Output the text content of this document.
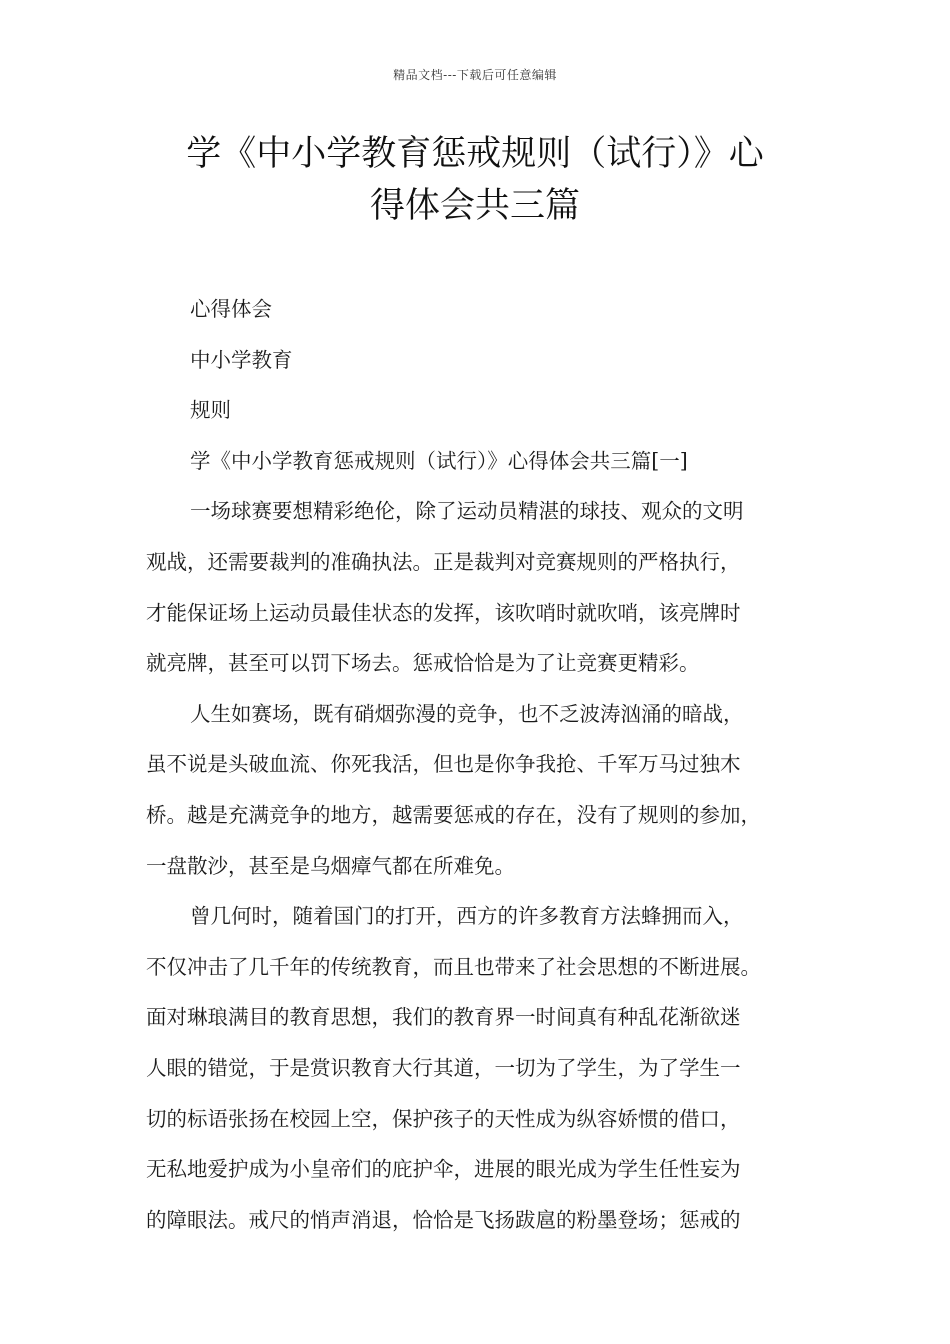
精品文档---下载后可任意编辑
学《中小学教育惩戒规则（试行）》心
得体会共三篇
心得体会
中小学教育
规则
学《中小学教育惩戒规则（试行）》心得体会共三篇[一]
一场球赛要想精彩绝伦，除了运动员精湛的球技、观众的文明
观战，还需要裁判的准确执法。正是裁判对竞赛规则的严格执行，
才能保证场上运动员最佳状态的发挥，该吹哨时就吹哨，该亮牌时
就亮牌，甚至可以罚下场去。惩戒恰恰是为了让竞赛更精彩。
人生如赛场，既有硝烟弥漫的竞争，也不乏波涛汹涌的暗战，
虽不说是头破血流、你死我活，但也是你争我抢、千军万马过独木
桥。越是充满竞争的地方，越需要惩戒的存在，没有了规则的参加，
一盘散沙，甚至是乌烟瘴气都在所难免。
曾几何时，随着国门的打开，西方的许多教育方法蜂拥而入，
不仅冲击了几千年的传统教育，而且也带来了社会思想的不断进展。
面对琳琅满目的教育思想，我们的教育界一时间真有种乱花渐欲迷
人眼的错觉，于是赏识教育大行其道，一切为了学生，为了学生一
切的标语张扬在校园上空，保护孩子的天性成为纵容娇惯的借口，
无私地爱护成为小皇帝们的庇护伞，进展的眼光成为学生任性妄为
的障眼法。戒尺的悄声消退，恰恰是飞扬跋扈的粉墨登场；惩戒的
